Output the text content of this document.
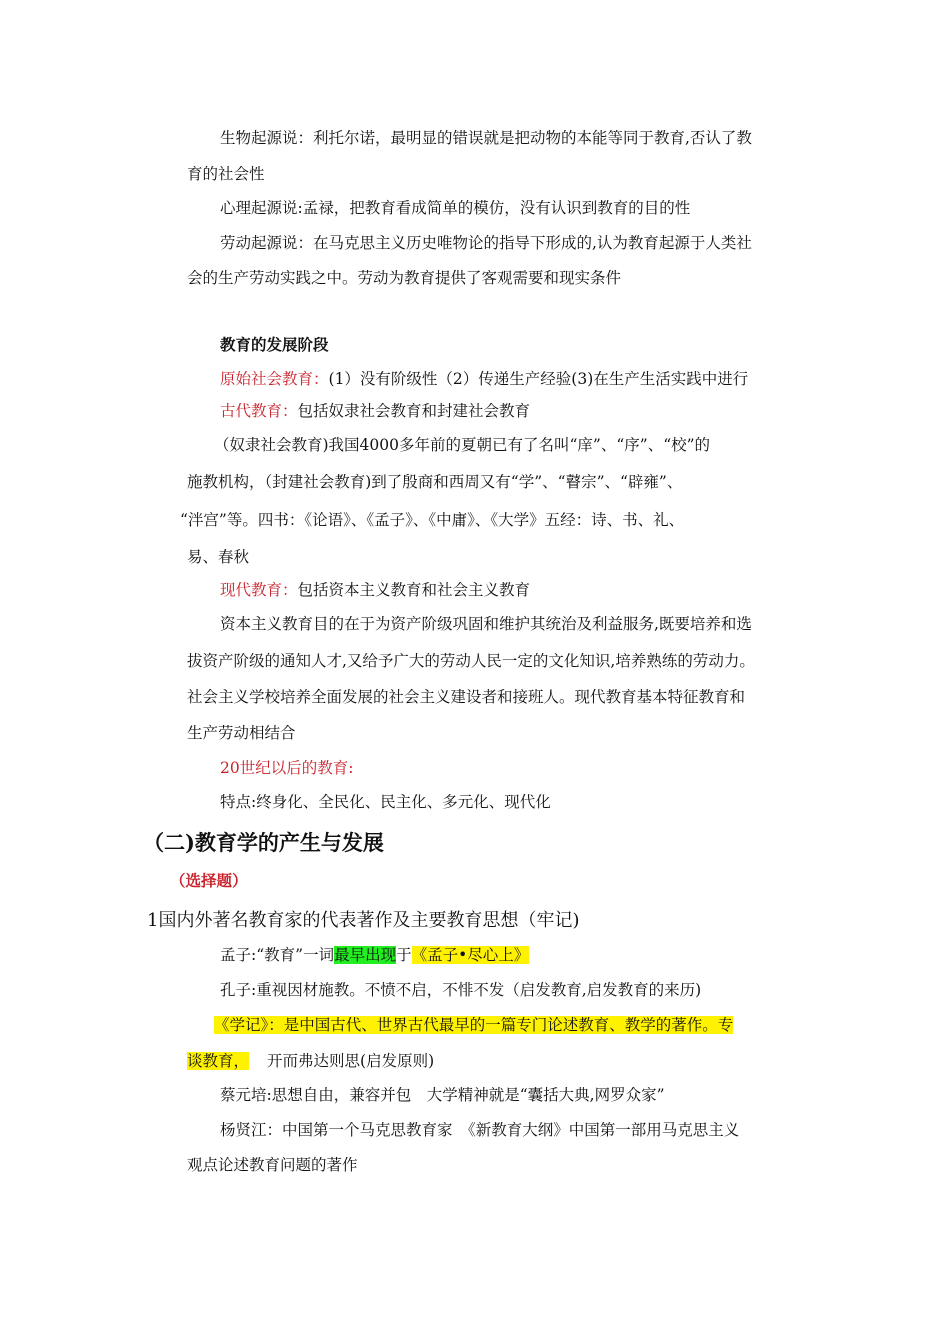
生物起源说：利托尔诺，最明显的错误就是把动物的本能等同于教育,否认了教
育的社会性
心理起源说:孟禄，把教育看成简单的模仿，没有认识到教育的目的性
劳动起源说：在马克思主义历史唯物论的指导下形成的,认为教育起源于人类社
会的生产劳动实践之中。劳动为教育提供了客观需要和现实条件
教育的发展阶段
原始社会教育：(1）没有阶级性（2）传递生产经验(3)在生产生活实践中进行
古代教育：包括奴隶社会教育和封建社会教育
（奴隶社会教育)我国4000多年前的夏朝已有了名叫“庠”、“序”、“校”的
施教机构，（封建社会教育)到了殷商和西周又有“学”、“瞽宗”、“辟雍”、
“泮宫”等。四书：《论语》、《孟子》、《中庸》、《大学》五经：诗、书、礼、
易、春秋
现代教育：包括资本主义教育和社会主义教育
资本主义教育目的在于为资产阶级巩固和维护其统治及利益服务,既要培养和选
拔资产阶级的通知人才,又给予广大的劳动人民一定的文化知识,培养熟练的劳动力。
社会主义学校培养全面发展的社会主义建设者和接班人。现代教育基本特征教育和
生产劳动相结合
20世纪以后的教育:
特点:终身化、全民化、民主化、多元化、现代化
（二)教育学的产生与发展
（选择题）
1国内外著名教育家的代表著作及主要教育思想（牢记)
孟子:“教育”一词最早出现于《孟子•尽心上》
孔子:重视因材施教。不愤不启，不悱不发（启发教育,启发教育的来历)
《学记》：是中国古代、世界古代最早的一篇专门论述教育、教学的著作。专
谈教育， 开而弗达则思(启发原则)
蔡元培:思想自由，兼容并包　大学精神就是“囊括大典,网罗众家”
杨贤江：中国第一个马克思教育家　《新教育大纲》中国第一部用马克思主义
观点论述教育问题的著作
